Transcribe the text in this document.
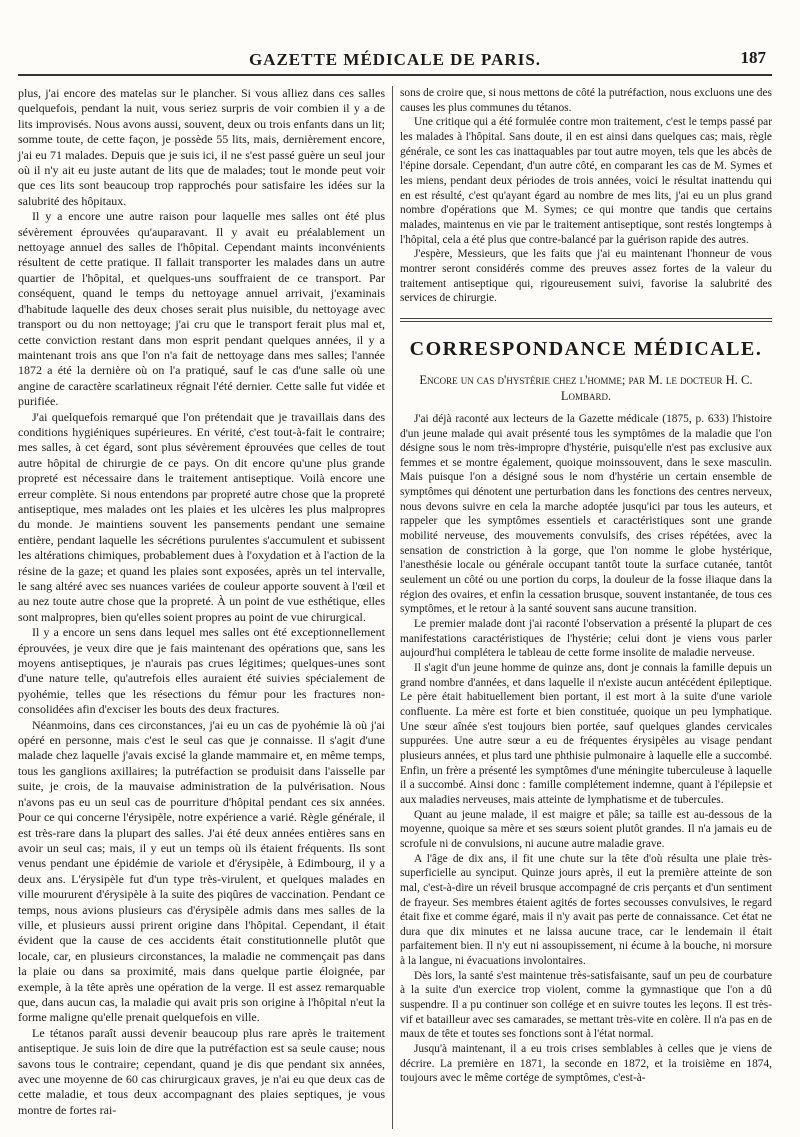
GAZETTE MÉDICALE DE PARIS.	187

plus, j'ai encore des matelas sur le plancher. Si vous alliez dans ces salles quelquefois, pendant la nuit, vous seriez surpris de voir combien il y a de lits improvisés. Nous avons aussi, souvent, deux ou trois enfants dans un lit; somme toute, de cette façon, je possède 55 lits, mais, dernièrement encore, j'ai eu 71 malades. Depuis que je suis ici, il ne s'est passé guère un seul jour où il n'y ait eu juste autant de lits que de malades; tout le monde peut voir que ces lits sont beaucoup trop rapprochés pour satisfaire les idées sur la salubrité des hôpitaux.

Il y a encore une autre raison pour laquelle mes salles ont été plus sévèrement éprouvées qu'auparavant. Il y avait eu préalablement un nettoyage annuel des salles de l'hôpital. Cependant maints inconvénients résultent de cette pratique. Il fallait transporter les malades dans un autre quartier de l'hôpital, et quelques-uns souffraient de ce transport. Par conséquent, quand le temps du nettoyage annuel arrivait, j'examinais d'habitude laquelle des deux choses serait plus nuisible, du nettoyage avec transport ou du non nettoyage; j'ai cru que le transport ferait plus mal et, cette conviction restant dans mon esprit pendant quelques années, il y a maintenant trois ans que l'on n'a fait de nettoyage dans mes salles; l'année 1872 a été la dernière où on l'a pratiqué, sauf le cas d'une salle où une angine de caractère scarlatineux régnait l'été dernier. Cette salle fut vidée et purifiée.

J'ai quelquefois remarqué que l'on prétendait que je travaillais dans des conditions hygiéniques supérieures. En vérité, c'est tout-à-fait le contraire; mes salles, à cet égard, sont plus sévèrement éprouvées que celles de tout autre hôpital de chirurgie de ce pays. On dit encore qu'une plus grande propreté est nécessaire dans le traitement antiseptique. Voilà encore une erreur complète. Si nous entendons par propreté autre chose que la propreté antiseptique, mes malades ont les plaies et les ulcères les plus malpropres du monde. Je maintiens souvent les pansements pendant une semaine entière, pendant laquelle les sécrétions purulentes s'accumulent et subissent les altérations chimiques, probablement dues à l'oxydation et à l'action de la résine de la gaze; et quand les plaies sont exposées, après un tel intervalle, le sang altéré avec ses nuances variées de couleur apporte souvent à l'œil et au nez toute autre chose que la propreté. À un point de vue esthétique, elles sont malpropres, bien qu'elles soient propres au point de vue chirurgical.

Il y a encore un sens dans lequel mes salles ont été exceptionnellement éprouvées, je veux dire que je fais maintenant des opérations que, sans les moyens antiseptiques, je n'aurais pas crues légitimes; quelques-unes sont d'une nature telle, qu'autrefois elles auraient été suivies spécialement de pyohémie, telles que les résections du fémur pour les fractures non-consolidées afin d'exciser les bouts des deux fractures.

Néanmoins, dans ces circonstances, j'ai eu un cas de pyohémie là où j'ai opéré en personne, mais c'est le seul cas que je connaisse. Il s'agit d'une malade chez laquelle j'avais excisé la glande mammaire et, en même temps, tous les ganglions axillaires; la putréfaction se produisit dans l'aisselle par suite, je crois, de la mauvaise administration de la pulvérisation. Nous n'avons pas eu un seul cas de pourriture d'hôpital pendant ces six années. Pour ce qui concerne l'érysipèle, notre expérience a varié. Règle générale, il est très-rare dans la plupart des salles. J'ai été deux années entières sans en avoir un seul cas; mais, il y eut un temps où ils étaient fréquents. Ils sont venus pendant une épidémie de variole et d'érysipèle, à Edimbourg, il y a deux ans. L'érysipèle fut d'un type très-virulent, et quelques malades en ville moururent d'érysipèle à la suite des piqûres de vaccination. Pendant ce temps, nous avions plusieurs cas d'érysipèle admis dans mes salles de la ville, et plusieurs aussi prirent origine dans l'hôpital. Cependant, il était évident que la cause de ces accidents était constitutionnelle plutôt que locale, car, en plusieurs circonstances, la maladie ne commençait pas dans la plaie ou dans sa proximité, mais dans quelque partie éloignée, par exemple, à la tête après une opération de la verge. Il est assez remarquable que, dans aucun cas, la maladie qui avait pris son origine à l'hôpital n'eut la forme maligne qu'elle prenait quelquefois en ville.

Le tétanos paraît aussi devenir beaucoup plus rare après le traitement antiseptique. Je suis loin de dire que la putréfaction est sa seule cause; nous savons tous le contraire; cependant, quand je dis que pendant six années, avec une moyenne de 60 cas chirurgicaux graves, je n'ai eu que deux cas de cette maladie, et tous deux accompagnant des plaies septiques, je vous montre de fortes rai-

sons de croire que, si nous mettons de côté la putréfaction, nous excluons une des causes les plus communes du tétanos.

Une critique qui a été formulée contre mon traitement, c'est le temps passé par les malades à l'hôpital. Sans doute, il en est ainsi dans quelques cas; mais, règle générale, ce sont les cas inattaquables par tout autre moyen, tels que les abcès de l'épine dorsale. Cependant, d'un autre côté, en comparant les cas de M. Symes et les miens, pendant deux périodes de trois années, voici le résultat inattendu qui en est résulté, c'est qu'ayant égard au nombre de mes lits, j'ai eu un plus grand nombre d'opérations que M. Symes; ce qui montre que tandis que certains malades, maintenus en vie par le traitement antiseptique, sont restés longtemps à l'hôpital, cela a été plus que contre-balancé par la guérison rapide des autres.

J'espère, Messieurs, que les faits que j'ai eu maintenant l'honneur de vous montrer seront considérés comme des preuves assez fortes de la valeur du traitement antiseptique qui, rigoureusement suivi, favorise la salubrité des services de chirurgie.

CORRESPONDANCE MÉDICALE.
Encore un cas d'hystérie chez l'homme; par M. le docteur H. C. Lombard.

J'ai déjà raconté aux lecteurs de la Gazette médicale (1875, p. 633) l'histoire d'un jeune malade qui avait présenté tous les symptômes de la maladie que l'on désigne sous le nom très-impropre d'hystérie, puisqu'elle n'est pas exclusive aux femmes et se montre également, quoique moinssouvent, dans le sexe masculin. Mais puisque l'on a désigné sous le nom d'hystérie un certain ensemble de symptômes qui dénotent une perturbation dans les fonctions des centres nerveux, nous devons suivre en cela la marche adoptée jusqu'ici par tous les auteurs, et rappeler que les symptômes essentiels et caractéristiques sont une grande mobilité nerveuse, des mouvements convulsifs, des crises répétées, avec la sensation de constriction à la gorge, que l'on nomme le globe hystérique, l'anesthésie locale ou générale occupant tantôt toute la surface cutanée, tantôt seulement un côté ou une portion du corps, la douleur de la fosse iliaque dans la région des ovaires, et enfin la cessation brusque, souvent instantanée, de tous ces symptômes, et le retour à la santé souvent sans aucune transition.

Le premier malade dont j'ai raconté l'observation a présenté la plupart de ces manifestations caractéristiques de l'hystérie; celui dont je viens vous parler aujourd'hui complétera le tableau de cette forme insolite de maladie nerveuse.

Il s'agit d'un jeune homme de quinze ans, dont je connais la famille depuis un grand nombre d'années, et dans laquelle il n'existe aucun antécédent épileptique. Le père était habituellement bien portant, il est mort à la suite d'une variole confluente. La mère est forte et bien constituée, quoique un peu lymphatique. Une sœur aînée s'est toujours bien portée, sauf quelques glandes cervicales suppurées. Une autre sœur a eu de fréquentes érysipèles au visage pendant plusieurs années, et plus tard une phthisie pulmonaire à laquelle elle a succombé. Enfin, un frère a présenté les symptômes d'une méningite tuberculeuse à laquelle il a succombé. Ainsi donc : famille complétement indemne, quant à l'épilepsie et aux maladies nerveuses, mais atteinte de lymphatisme et de tubercules.

Quant au jeune malade, il est maigre et pâle; sa taille est au-dessous de la moyenne, quoique sa mère et ses sœurs soient plutôt grandes. Il n'a jamais eu de scrofule ni de convulsions, ni aucune autre maladie grave.

A l'âge de dix ans, il fit une chute sur la tête d'où résulta une plaie très-superficielle au synciput. Quinze jours après, il eut la première atteinte de son mal, c'est-à-dire un réveil brusque accompagné de cris perçants et d'un sentiment de frayeur. Ses membres étaient agités de fortes secousses convulsives, le regard était fixe et comme égaré, mais il n'y avait pas perte de connaissance. Cet état ne dura que dix minutes et ne laissa aucune trace, car le lendemain il était parfaitement bien. Il n'y eut ni assoupissement, ni écume à la bouche, ni morsure à la langue, ni évacuations involontaires.

Dès lors, la santé s'est maintenue très-satisfaisante, sauf un peu de courbature à la suite d'un exercice trop violent, comme la gymnastique que l'on a dû suspendre. Il a pu continuer son collége et en suivre toutes les leçons. Il est très-vif et batailleur avec ses camarades, se mettant très-vite en colère. Il n'a pas en de maux de tête et toutes ses fonctions sont à l'état normal.

Jusqu'à maintenant, il a eu trois crises semblables à celles que je viens de décrire. La première en 1871, la seconde en 1872, et la troisième en 1874, toujours avec le même cortége de symptômes, c'est-à-
